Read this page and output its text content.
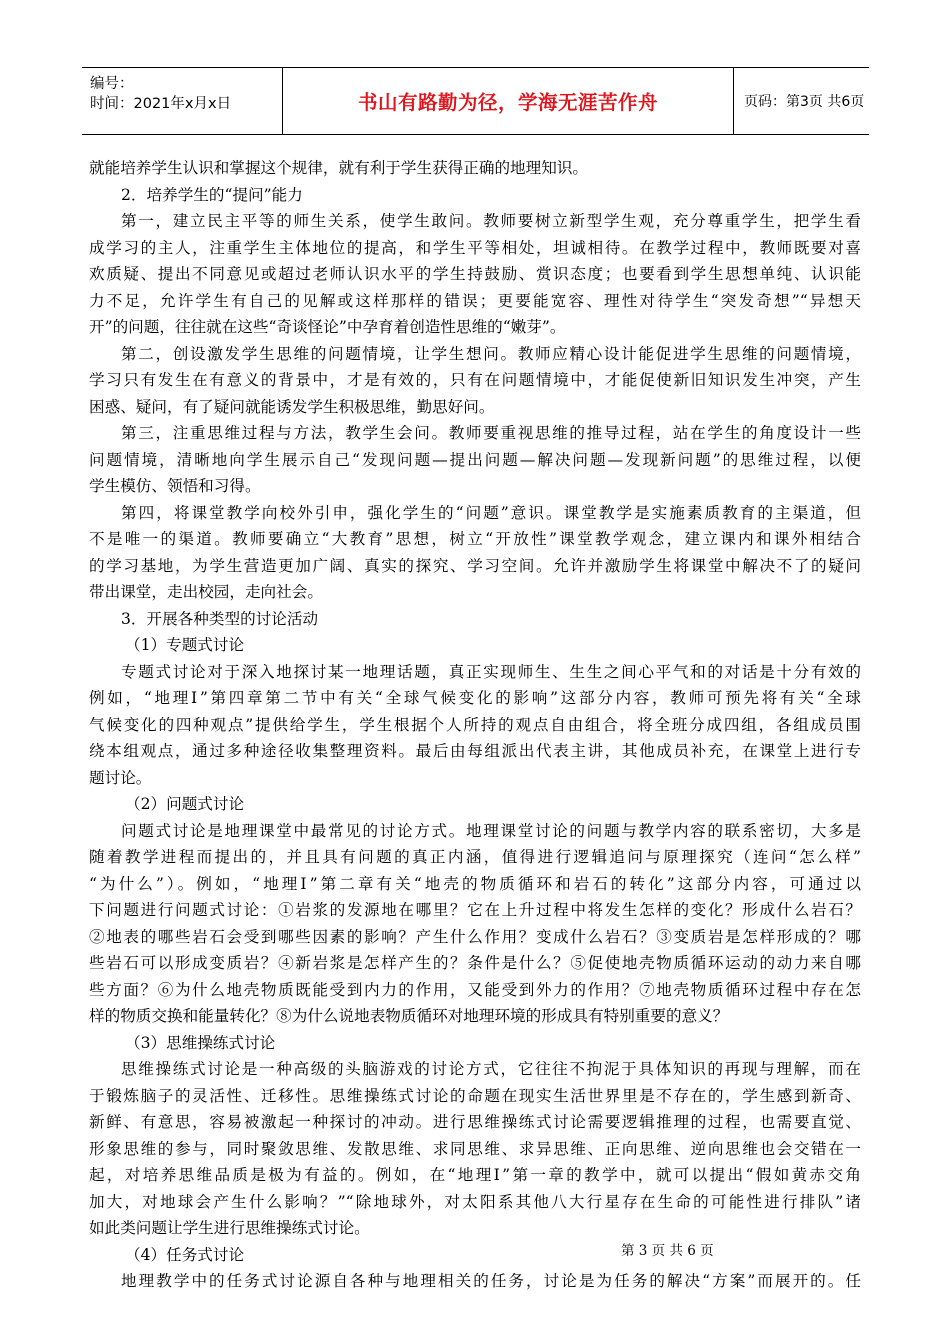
编号：
时间：2021年x月x日	书山有路勤为径，学海无涯苦作舟	页码：第3页 共6页
就能培养学生认识和掌握这个规律，就有利于学生获得正确的地理知识。
2．培养学生的“提问”能力
第一，建立民主平等的师生关系，使学生敢问。教师要树立新型学生观，充分尊重学生，把学生看
成学习的主人，注重学生主体地位的提高，和学生平等相处，坦诚相待。在教学过程中，教师既要对喜
欢质疑、提出不同意见或超过老师认识水平的学生持鼓励、赏识态度；也要看到学生思想单纯、认识能
力不足，允许学生有自己的见解或这样那样的错误；更要能宽容、理性对待学生“突发奇想”“异想天
开”的问题，往往就在这些“奇谈怪论”中孕育着创造性思维的“嫩芽”。
第二，创设激发学生思维的问题情境，让学生想问。教师应精心设计能促进学生思维的问题情境，
学习只有发生在有意义的背景中，才是有效的，只有在问题情境中，才能促使新旧知识发生冲突，产生
困惑、疑问，有了疑问就能诱发学生积极思维，勤思好问。
第三，注重思维过程与方法，教学生会问。教师要重视思维的推导过程，站在学生的角度设计一些
问题情境，清晰地向学生展示自己“发现问题—提出问题—解决问题—发现新问题”的思维过程，以便
学生模仿、领悟和习得。
第四，将课堂教学向校外引申，强化学生的“问题”意识。课堂教学是实施素质教育的主渠道，但
不是唯一的渠道。教师要确立“大教育”思想，树立“开放性”课堂教学观念，建立课内和课外相结合
的学习基地，为学生营造更加广阔、真实的探究、学习空间。允许并激励学生将课堂中解决不了的疑问
带出课堂，走出校园，走向社会。
3．开展各种类型的讨论活动
（1）专题式讨论
专题式讨论对于深入地探讨某一地理话题，真正实现师生、生生之间心平气和的对话是十分有效的
例如，“地理Ⅰ”第四章第二节中有关“全球气候变化的影响”这部分内容，教师可预先将有关“全球
气候变化的四种观点”提供给学生，学生根据个人所持的观点自由组合，将全班分成四组，各组成员围
绕本组观点，通过多种途径收集整理资料。最后由每组派出代表主讲，其他成员补充，在课堂上进行专
题讨论。
（2）问题式讨论
问题式讨论是地理课堂中最常见的讨论方式。地理课堂讨论的问题与教学内容的联系密切，大多是
随着教学进程而提出的，并且具有问题的真正内涵，值得进行逻辑追问与原理探究（连问“怎么样”
“为什么”）。例如，“地理Ⅰ”第二章有关“地壳的物质循环和岩石的转化”这部分内容，可通过以
下问题进行问题式讨论：①岩浆的发源地在哪里？它在上升过程中将发生怎样的变化？形成什么岩石？
②地表的哪些岩石会受到哪些因素的影响？产生什么作用？变成什么岩石？③变质岩是怎样形成的？哪
些岩石可以形成变质岩？④新岩浆是怎样产生的？条件是什么？⑤促使地壳物质循环运动的动力来自哪
些方面？⑥为什么地壳物质既能受到内力的作用，又能受到外力的作用？⑦地壳物质循环过程中存在怎
样的物质交换和能量转化？⑧为什么说地表物质循环对地理环境的形成具有特别重要的意义？
（3）思维操练式讨论
思维操练式讨论是一种高级的头脑游戏的讨论方式，它往往不拘泥于具体知识的再现与理解，而在
于锻炼脑子的灵活性、迁移性。思维操练式讨论的命题在现实生活世界里是不存在的，学生感到新奇、
新鲜、有意思，容易被激起一种探讨的冲动。进行思维操练式讨论需要逻辑推理的过程，也需要直觉、
形象思维的参与，同时聚敛思维、发散思维、求同思维、求异思维、正向思维、逆向思维也会交错在一
起，对培养思维品质是极为有益的。例如，在“地理Ⅰ”第一章的教学中，就可以提出“假如黄赤交角
加大，对地球会产生什么影响？”“除地球外，对太阳系其他八大行星存在生命的可能性进行排队”诸
如此类问题让学生进行思维操练式讨论。
（4）任务式讨论
地理教学中的任务式讨论源自各种与地理相关的任务，讨论是为任务的解决“方案”而展开的。任
第 3 页 共 6 页
